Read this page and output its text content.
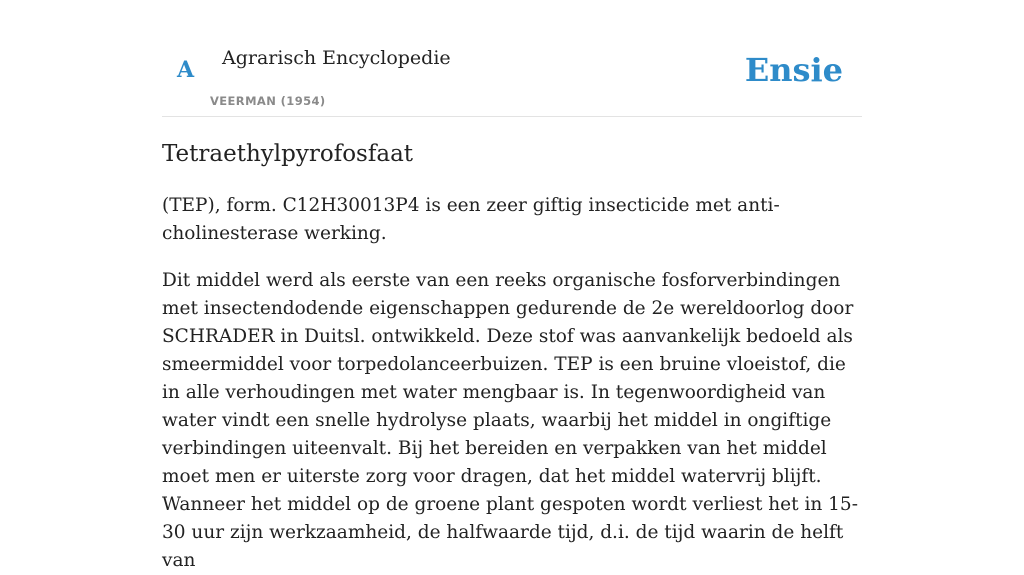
A Agrarisch Encyclopedie
VEERMAN (1954)
Ensie
Tetraethylpyrofosfaat

(TEP), form. C12H30013P4 is een zeer giftig insecticide met anti-cholinesterase werking.

Dit middel werd als eerste van een reeks organische fosforverbindingen met insectendodende eigenschappen gedurende de 2e wereldoorlog door SCHRADER in Duitsl. ontwikkeld. Deze stof was aanvankelijk bedoeld als smeermiddel voor torpedolanceerbuizen. TEP is een bruine vloeistof, die in alle verhoudingen met water mengbaar is. In tegenwoordigheid van water vindt een snelle hydrolyse plaats, waarbij het middel in ongiftige verbindingen uiteenvalt. Bij het bereiden en verpakken van het middel moet men er uiterste zorg voor dragen, dat het middel watervrij blijft. Wanneer het middel op de groene plant gespoten wordt verliest het in 15-30 uur zijn werkzaamheid, de halfwaarde tijd, d.i. de tijd waarin de helft van
